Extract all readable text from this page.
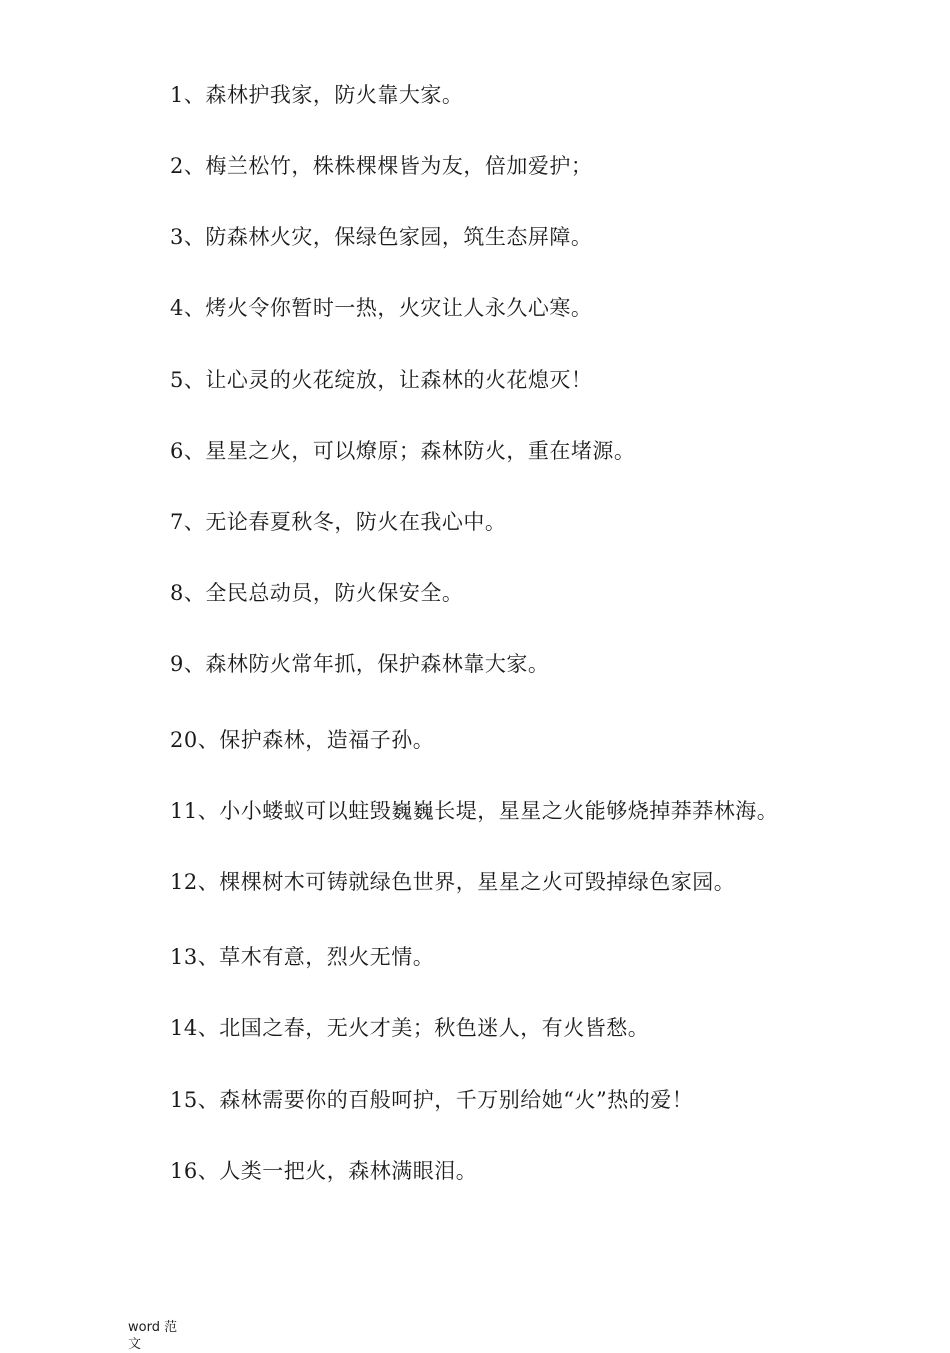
1、森林护我家，防火靠大家。
2、梅兰松竹，株株棵棵皆为友，倍加爱护；
3、防森林火灾，保绿色家园，筑生态屏障。
4、烤火令你暂时一热，火灾让人永久心寒。
5、让心灵的火花绽放，让森林的火花熄灭！
6、星星之火，可以燎原；森林防火，重在堵源。
7、无论春夏秋冬，防火在我心中。
8、全民总动员，防火保安全。
9、森林防火常年抓，保护森林靠大家。
20、保护森林，造福子孙。
11、小小蝼蚁可以蛀毁巍巍长堤，星星之火能够烧掉莽莽林海。
12、棵棵树木可铸就绿色世界，星星之火可毁掉绿色家园。
13、草木有意，烈火无情。
14、北国之春，无火才美；秋色迷人，有火皆愁。
15、森林需要你的百般呵护，千万别给她“火”热的爱！
16、人类一把火，森林满眼泪。
word 范文
